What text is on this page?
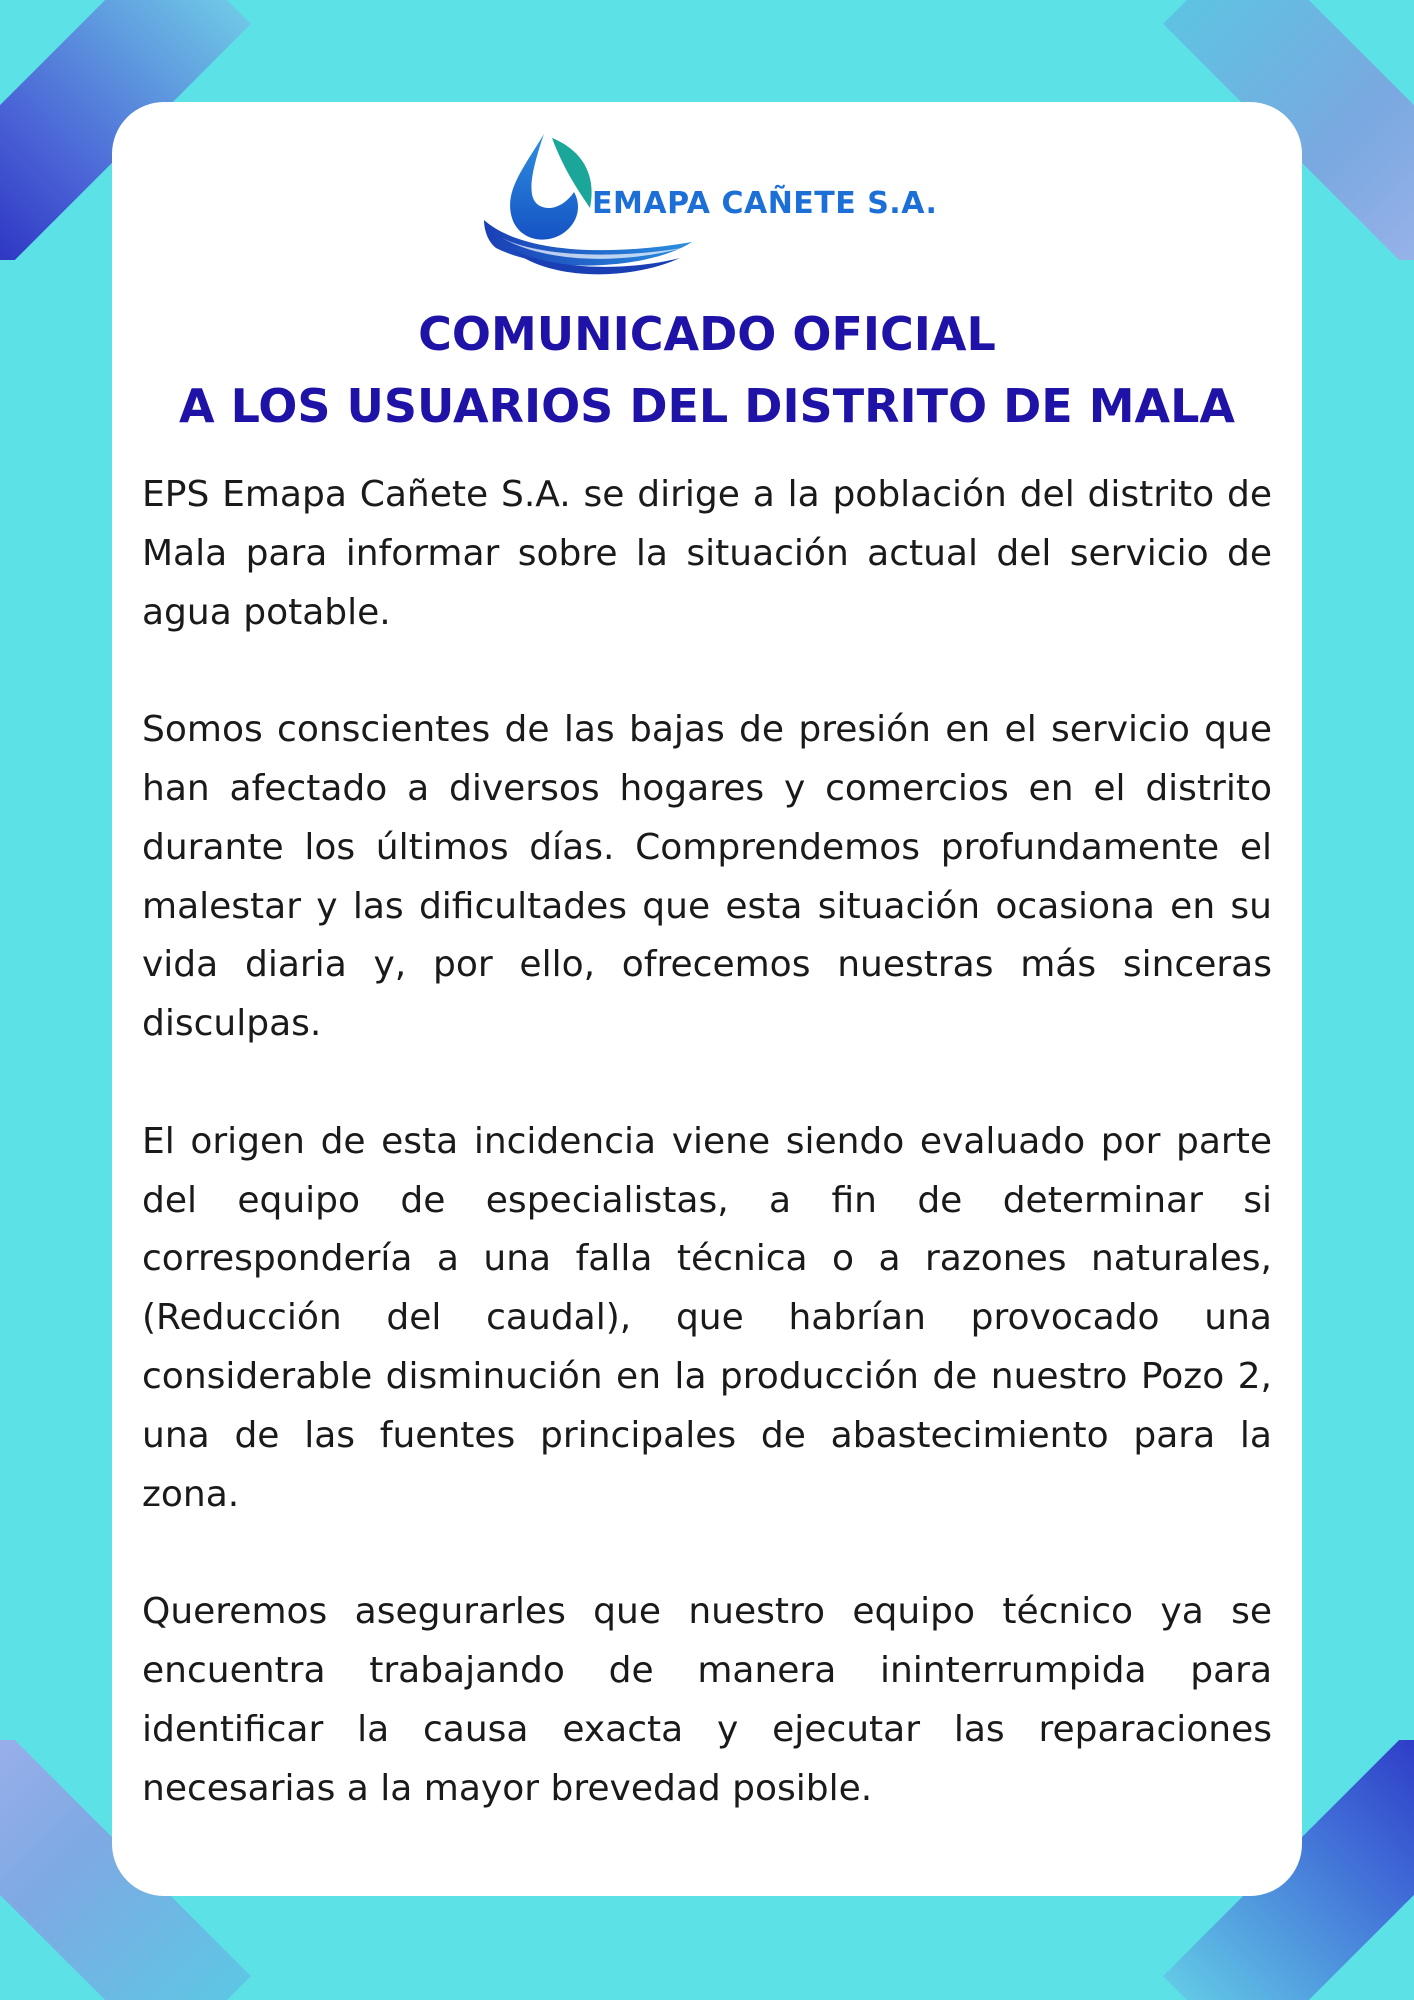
EMAPA CAÑETE S.A.
COMUNICADO OFICIAL
A LOS USUARIOS DEL DISTRITO DE MALA

EPS Emapa Cañete S.A. se dirige a la población del distrito de Mala para informar sobre la situación actual del servicio de agua potable.

Somos conscientes de las bajas de presión en el servicio que han afectado a diversos hogares y comercios en el distrito durante los últimos días. Comprendemos profundamente el malestar y las dificultades que esta situación ocasiona en su vida diaria y, por ello, ofrecemos nuestras más sinceras disculpas.

El origen de esta incidencia viene siendo evaluado por parte del equipo de especialistas, a fin de determinar si correspondería a una falla técnica o a razones naturales, (Reducción del caudal), que habrían provocado una considerable disminución en la producción de nuestro Pozo 2, una de las fuentes principales de abastecimiento para la zona.

Queremos asegurarles que nuestro equipo técnico ya se encuentra trabajando de manera ininterrumpida para identificar la causa exacta y ejecutar las reparaciones necesarias a la mayor brevedad posible.
